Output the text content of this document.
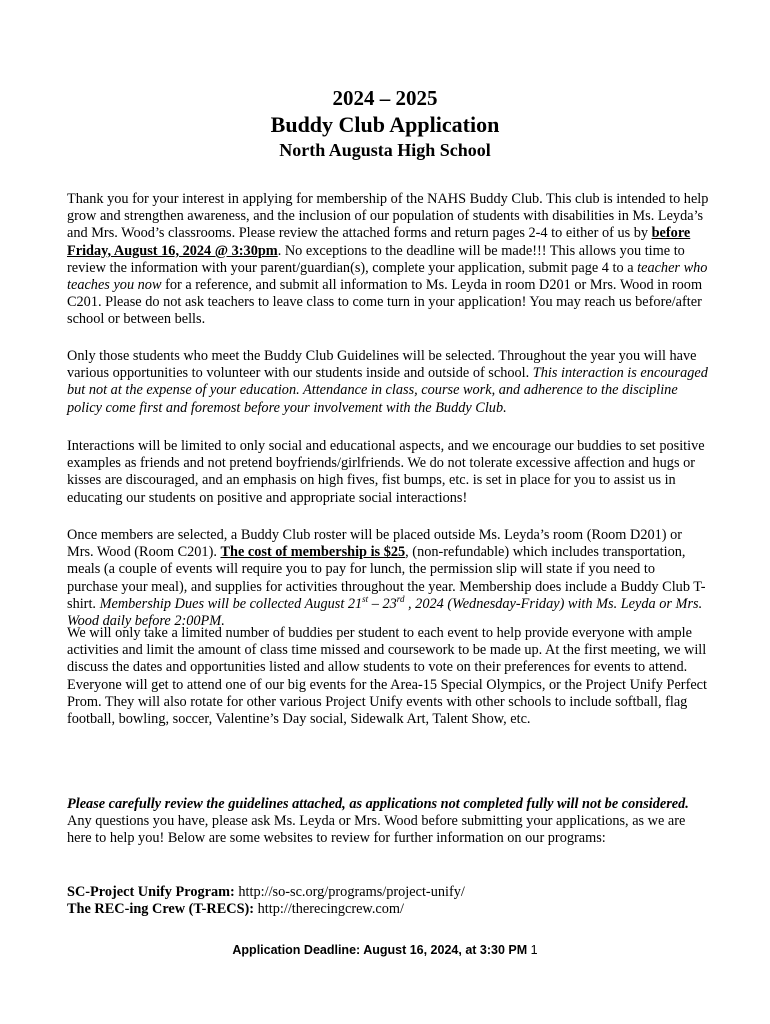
2024 – 2025
Buddy Club Application
North Augusta High School

Thank you for your interest in applying for membership of the NAHS Buddy Club. This club is intended to help grow and strengthen awareness, and the inclusion of our population of students with disabilities in Ms. Leyda’s and Mrs. Wood’s classrooms. Please review the attached forms and return pages 2-4 to either of us by before Friday, August 16, 2024 @ 3:30pm. No exceptions to the deadline will be made!!! This allows you time to review the information with your parent/guardian(s), complete your application, submit page 4 to a teacher who teaches you now for a reference, and submit all information to Ms. Leyda in room D201 or Mrs. Wood in room C201. Please do not ask teachers to leave class to come turn in your application! You may reach us before/after school or between bells.

Only those students who meet the Buddy Club Guidelines will be selected. Throughout the year you will have various opportunities to volunteer with our students inside and outside of school. This interaction is encouraged but not at the expense of your education. Attendance in class, course work, and adherence to the discipline policy come first and foremost before your involvement with the Buddy Club.

Interactions will be limited to only social and educational aspects, and we encourage our buddies to set positive examples as friends and not pretend boyfriends/girlfriends. We do not tolerate excessive affection and hugs or kisses are discouraged, and an emphasis on high fives, fist bumps, etc. is set in place for you to assist us in educating our students on positive and appropriate social interactions!

Once members are selected, a Buddy Club roster will be placed outside Ms. Leyda’s room (Room D201) or Mrs. Wood (Room C201). The cost of membership is $25, (non-refundable) which includes transportation, meals (a couple of events will require you to pay for lunch, the permission slip will state if you need to purchase your meal), and supplies for activities throughout the year. Membership does include a Buddy Club T-shirt. Membership Dues will be collected August 21st – 23rd , 2024 (Wednesday-Friday) with Ms. Leyda or Mrs. Wood daily before 2:00PM.

We will only take a limited number of buddies per student to each event to help provide everyone with ample activities and limit the amount of class time missed and coursework to be made up. At the first meeting, we will discuss the dates and opportunities listed and allow students to vote on their preferences for events to attend. Everyone will get to attend one of our big events for the Area-15 Special Olympics, or the Project Unify Perfect Prom. They will also rotate for other various Project Unify events with other schools to include softball, flag football, bowling, soccer, Valentine’s Day social, Sidewalk Art, Talent Show, etc.

Please carefully review the guidelines attached, as applications not completed fully will not be considered. Any questions you have, please ask Ms. Leyda or Mrs. Wood before submitting your applications, as we are here to help you! Below are some websites to review for further information on our programs:

SC-Project Unify Program: http://so-sc.org/programs/project-unify/
The REC-ing Crew (T-RECS): http://therecingcrew.com/

Application Deadline: August 16, 2024, at 3:30 PM 1
